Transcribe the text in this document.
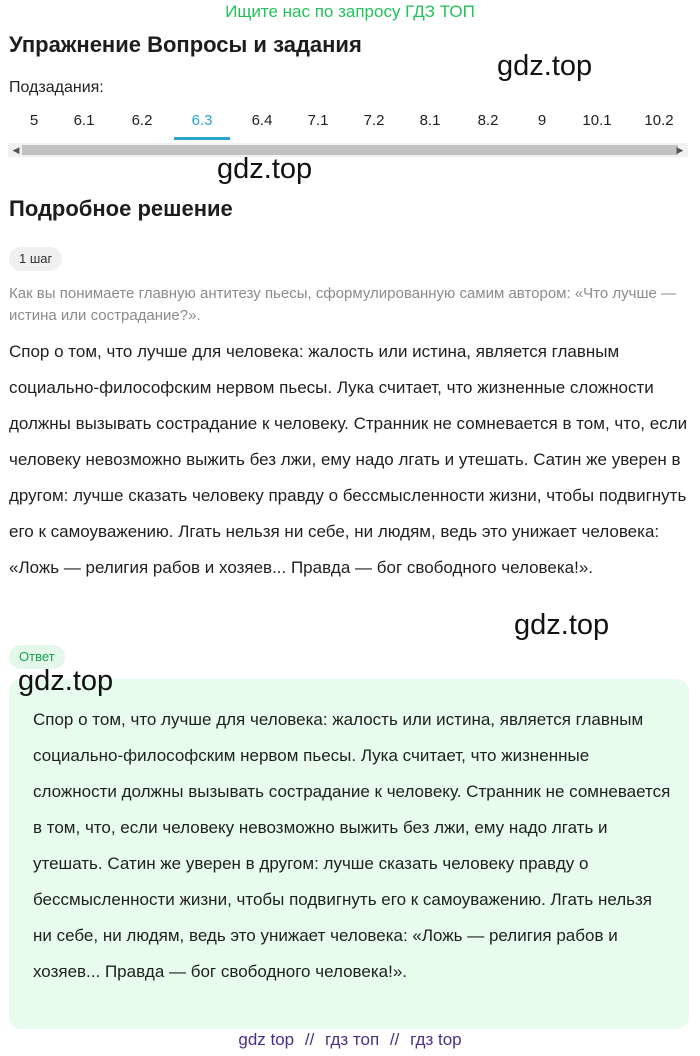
Ищите нас по запросу ГДЗ ТОП
Упражнение Вопросы и задания
gdz.top
Подзадания:
5	6.1	6.2	6.3	6.4	7.1	7.2	8.1	8.2	9	10.1	10.2
◀	▶
gdz.top
Подробное решение
1 шаг

Как вы понимаете главную антитезу пьесы, сформулированную самим автором: «Что лучше — истина или сострадание?».

Спор о том, что лучше для человека: жалость или истина, является главным социально-философским нервом пьесы. Лука считает, что жизненные сложности должны вызывать сострадание к человеку. Странник не сомневается в том, что, если человеку невозможно выжить без лжи, ему надо лгать и утешать. Сатин же уверен в другом: лучше сказать человеку правду о бессмысленности жизни, чтобы подвигнуть его к самоуважению. Лгать нельзя ни себе, ни людям, ведь это унижает человека: «Ложь — религия рабов и хозяев... Правда — бог свободного человека!».

gdz.top
Ответ
gdz.top

Спор о том, что лучше для человека: жалость или истина, является главным социально-философским нервом пьесы. Лука считает, что жизненные сложности должны вызывать сострадание к человеку. Странник не сомневается в том, что, если человеку невозможно выжить без лжи, ему надо лгать и утешать. Сатин же уверен в другом: лучше сказать человеку правду о бессмысленности жизни, чтобы подвигнуть его к самоуважению. Лгать нельзя ни себе, ни людям, ведь это унижает человека: «Ложь — религия рабов и хозяев... Правда — бог свободного человека!».

gdz top // гдз топ // гдз top
